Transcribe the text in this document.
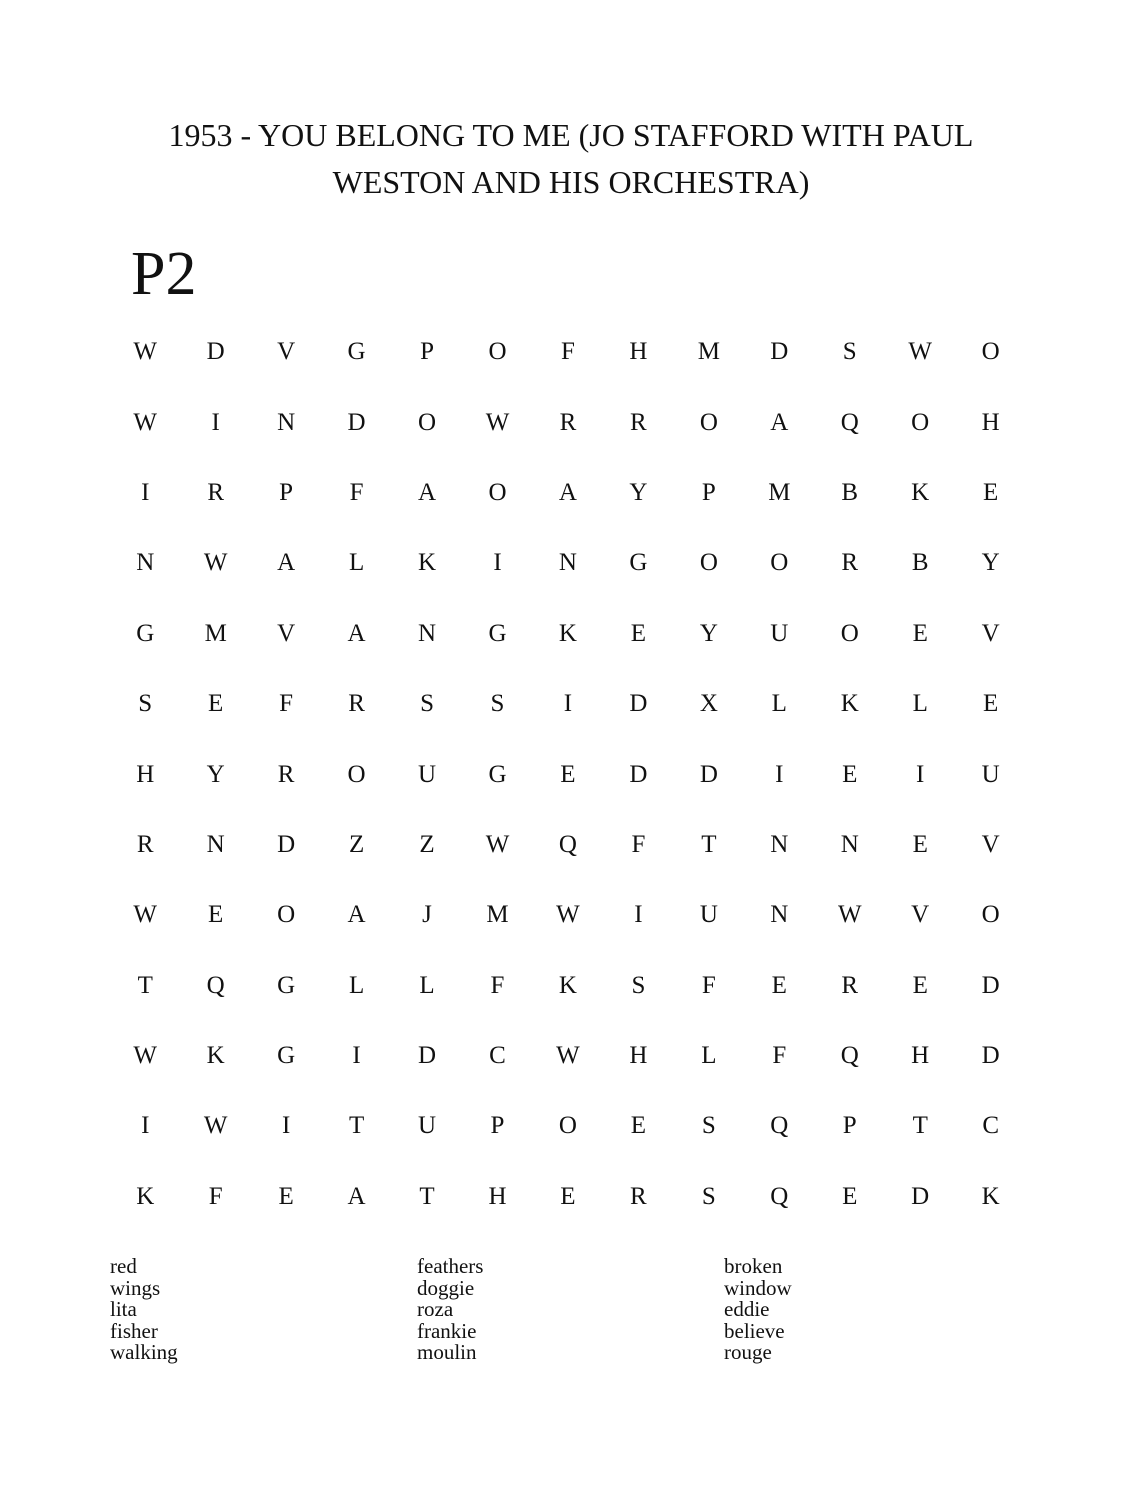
1953 - YOU BELONG TO ME (JO STAFFORD WITH PAUL WESTON AND HIS ORCHESTRA)
P2
W	D	V	G	P	O	F	H	M	D	S	W	O
W	I	N	D	O	W	R	R	O	A	Q	O	H
I	R	P	F	A	O	A	Y	P	M	B	K	E
N	W	A	L	K	I	N	G	O	O	R	B	Y
G	M	V	A	N	G	K	E	Y	U	O	E	V
S	E	F	R	S	S	I	D	X	L	K	L	E
H	Y	R	O	U	G	E	D	D	I	E	I	U
R	N	D	Z	Z	W	Q	F	T	N	N	E	V
W	E	O	A	J	M	W	I	U	N	W	V	O
T	Q	G	L	L	F	K	S	F	E	R	E	D
W	K	G	I	D	C	W	H	L	F	Q	H	D
I	W	I	T	U	P	O	E	S	Q	P	T	C
K	F	E	A	T	H	E	R	S	Q	E	D	K
red
wings
lita
fisher
walking
feathers
doggie
roza
frankie
moulin
broken
window
eddie
believe
rouge
